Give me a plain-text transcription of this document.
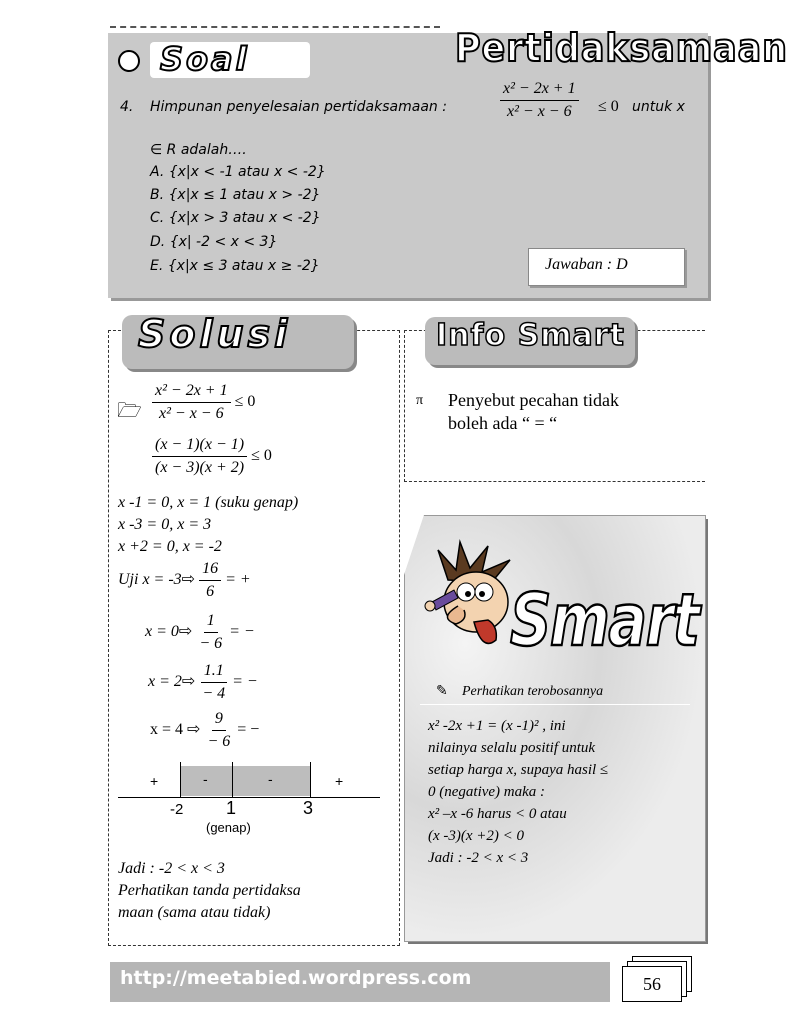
Soal	Pertidaksamaan
4. Himpunan penyelesaian pertidaksamaan :	$\frac{\text{x² − 2x + 1}}{\text{x² − x − 6}} \le 0$ untuk x
∈ R adalah….
A. {x|x < -1 atau x < -2}
B. {x|x ≤ 1 atau x > -2}
C. {x|x > 3 atau x < -2}
D. {x| -2 < x < 3}
E. {x|x ≤ 3 atau x ≥ -2}	Jawaban : D
Solusi
🗁 $\frac{\text{x² − 2x + 1}}{\text{x² − x − 6}} \le 0$
$\frac{(x - 1)(x - 1)}{(x - 3)(x + 2)} \le 0$
x -1 = 0, x = 1 (suku genap)
x -3 = 0, x = 3
x +2 = 0, x = -2
Uji x = -3⇨ $\frac{16}{6}$ = +
x = 0⇨ $\frac{1}{- 6}$ = −
x = 2⇨ $\frac{1.1}{- 4}$ = −
x = 4 ⇨ $\frac{9}{- 6}$ = −
+	-	-	+
-2 1	3
(genap)
Jadi : -2 < x < 3
Perhatikan tanda pertidaksa
maan (sama atau tidak)
Info Smart
π Penyebut pecahan tidak
boleh ada “ = “
Smart
✎ Perhatikan terobosannya
x² -2x +1 = (x -1)² , ini
nilainya selalu positif untuk
setiap harga x, supaya hasil ≤
0 (negative) maka :
x² –x -6 harus < 0 atau
(x -3)(x +2) < 0
Jadi : -2 < x < 3
http://meetabied.wordpress.com	56
